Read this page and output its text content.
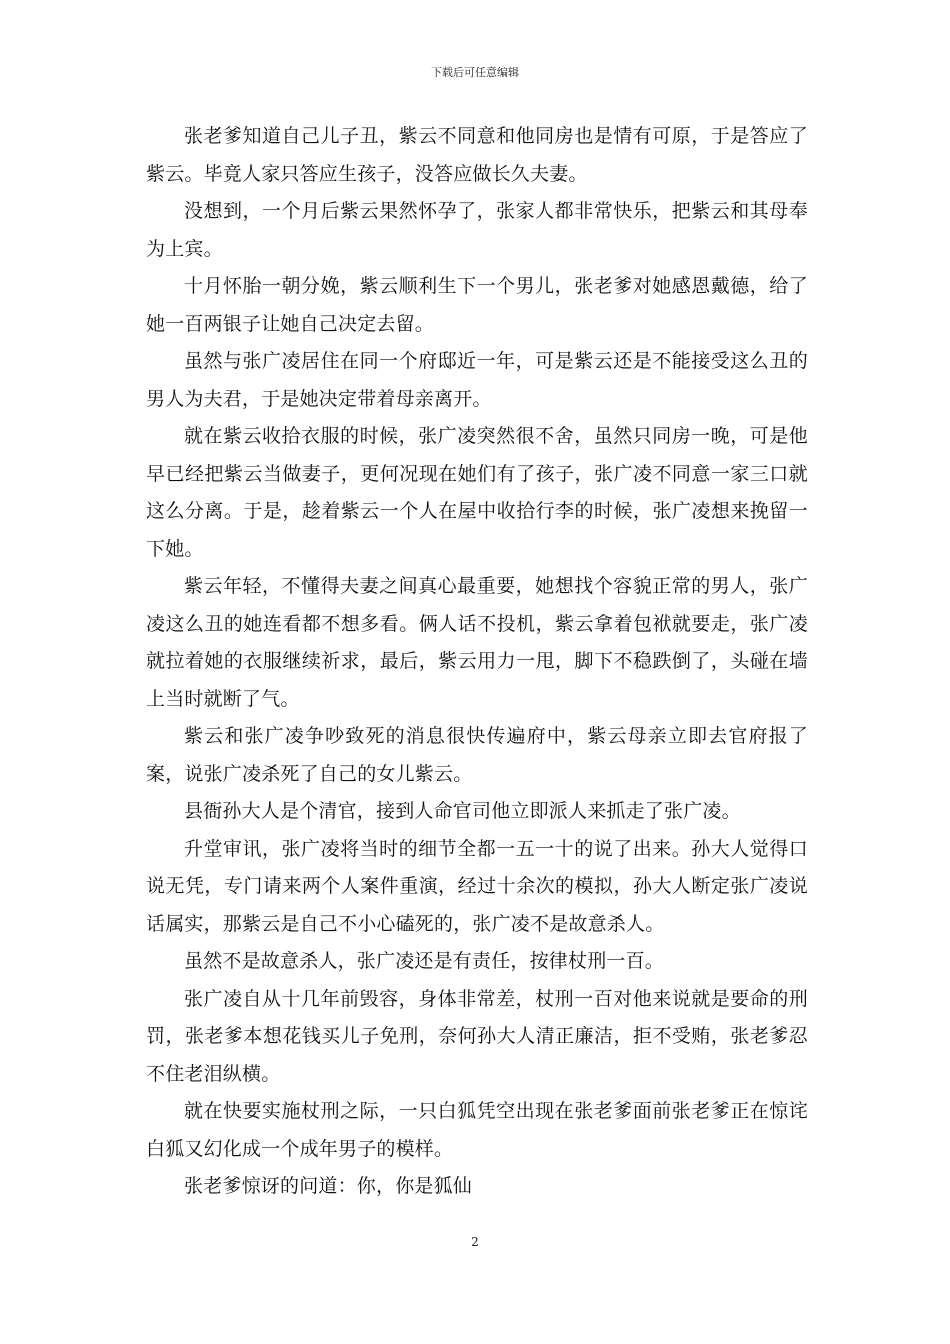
下载后可任意编辑

张老爹知道自己儿子丑，紫云不同意和他同房也是情有可原，于是答应了紫云。毕竟人家只答应生孩子，没答应做长久夫妻。

没想到，一个月后紫云果然怀孕了，张家人都非常快乐，把紫云和其母奉为上宾。

十月怀胎一朝分娩，紫云顺利生下一个男儿，张老爹对她感恩戴德，给了她一百两银子让她自己决定去留。

虽然与张广凌居住在同一个府邸近一年，可是紫云还是不能接受这么丑的男人为夫君，于是她决定带着母亲离开。

就在紫云收拾衣服的时候，张广凌突然很不舍，虽然只同房一晚，可是他早已经把紫云当做妻子，更何况现在她们有了孩子，张广凌不同意一家三口就这么分离。于是，趁着紫云一个人在屋中收拾行李的时候，张广凌想来挽留一下她。

紫云年轻，不懂得夫妻之间真心最重要，她想找个容貌正常的男人，张广凌这么丑的她连看都不想多看。俩人话不投机，紫云拿着包袱就要走，张广凌就拉着她的衣服继续祈求，最后，紫云用力一甩，脚下不稳跌倒了，头碰在墙上当时就断了气。

紫云和张广凌争吵致死的消息很快传遍府中，紫云母亲立即去官府报了案，说张广凌杀死了自己的女儿紫云。

县衙孙大人是个清官，接到人命官司他立即派人来抓走了张广凌。

升堂审讯，张广凌将当时的细节全都一五一十的说了出来。孙大人觉得口说无凭，专门请来两个人案件重演，经过十余次的模拟，孙大人断定张广凌说话属实，那紫云是自己不小心磕死的，张广凌不是故意杀人。

虽然不是故意杀人，张广凌还是有责任，按律杖刑一百。

张广凌自从十几年前毁容，身体非常差，杖刑一百对他来说就是要命的刑罚，张老爹本想花钱买儿子免刑，奈何孙大人清正廉洁，拒不受贿，张老爹忍不住老泪纵横。

就在快要实施杖刑之际，一只白狐凭空出现在张老爹面前张老爹正在惊诧白狐又幻化成一个成年男子的模样。

张老爹惊讶的问道：你，你是狐仙

2
